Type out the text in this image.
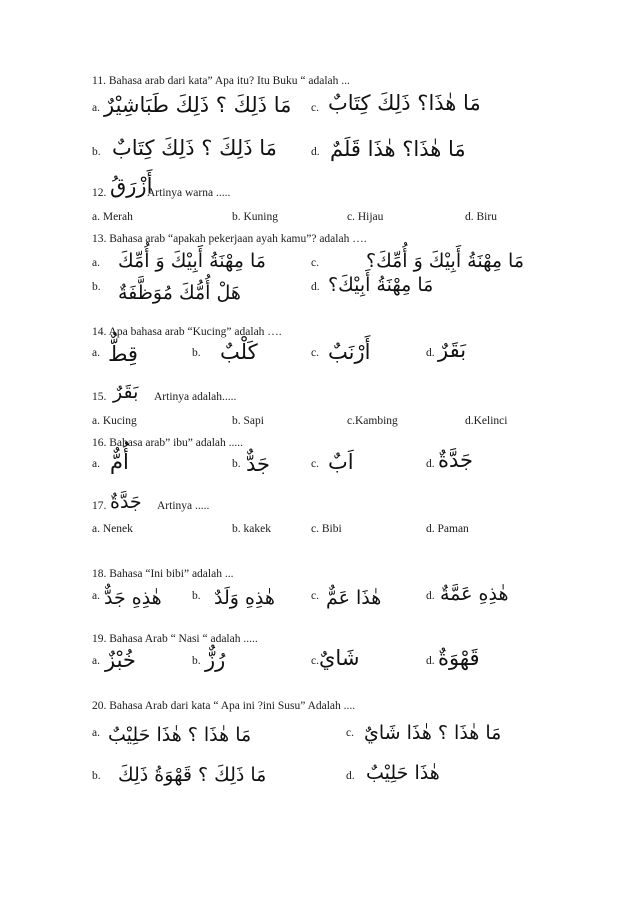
11. Bahasa arab dari kata” Apa itu? Itu Buku “ adalah ...
a. مَا ذَلِكَ ؟ ذَلِكَ طَبَاشِيْرٌ c. مَا هٰذَا؟ ذَلِكَ كِتَابٌ
b. مَا ذَلِكَ ؟ ذَلِكَ كِتَابٌ	d. مَا هٰذَا؟ هٰذَا قَلَمٌ
12. أَزْرَقُ
Artinya warna .....
a. Merah	b. Kuning	c. Hijau	d. Biru
13. Bahasa arab “apakah pekerjaan ayah kamu”? adalah ….
a. مَا مِهْنَةُ أَبِيْكَ وَ أُمِّكَ	c. مَا مِهْنَةُ أَبِيْكَ وَ أُمِّكَ؟
b. هَلْ أُمُّكَ مُوَظَّفَةٌ	d. مَا مِهْنَةُ أَبِيْكَ؟
14. Apa bahasa arab “Kucing” adalah ….
a. قِطٌّ	b. كَلْبٌ	c. أَرْنَبٌ	d. بَقَرٌ
15. بَقَرٌ Artinya adalah.....
a. Kucing	b. Sapi	c.Kambing	d.Kelinci
16. Bahasa arab” ibu” adalah .....
a. أُمٌّ	b. جَدٌّ	c. اَبٌ	d. جَدَّةٌ
17. جَدَّةٌ Artinya .....
a. Nenek	b. kakek	c. Bibi	d. Paman
18. Bahasa “Ini bibi” adalah ...
a. هٰذِهِ جَدٌّ	b. هٰذِهِ وَلَدٌ	c. هٰذَا عَمٌّ	d. هٰذِهِ عَمَّةٌ
19. Bahasa Arab “ Nasi “ adalah .....
a. خُبْزٌ	b. رُزٌّ	c. شَايٌ	d. قَهْوَةٌ
20. Bahasa Arab dari kata “ Apa ini ?ini Susu” Adalah ....
a. مَا هٰذَا ؟ هٰذَا حَلِيْبٌ	c. مَا هٰذَا ؟ هٰذَا شَايٌ
b. مَا ذَلِكَ ؟ قَهْوَةُ ذَلِكَ	d. هٰذَا حَلِيْبٌ
